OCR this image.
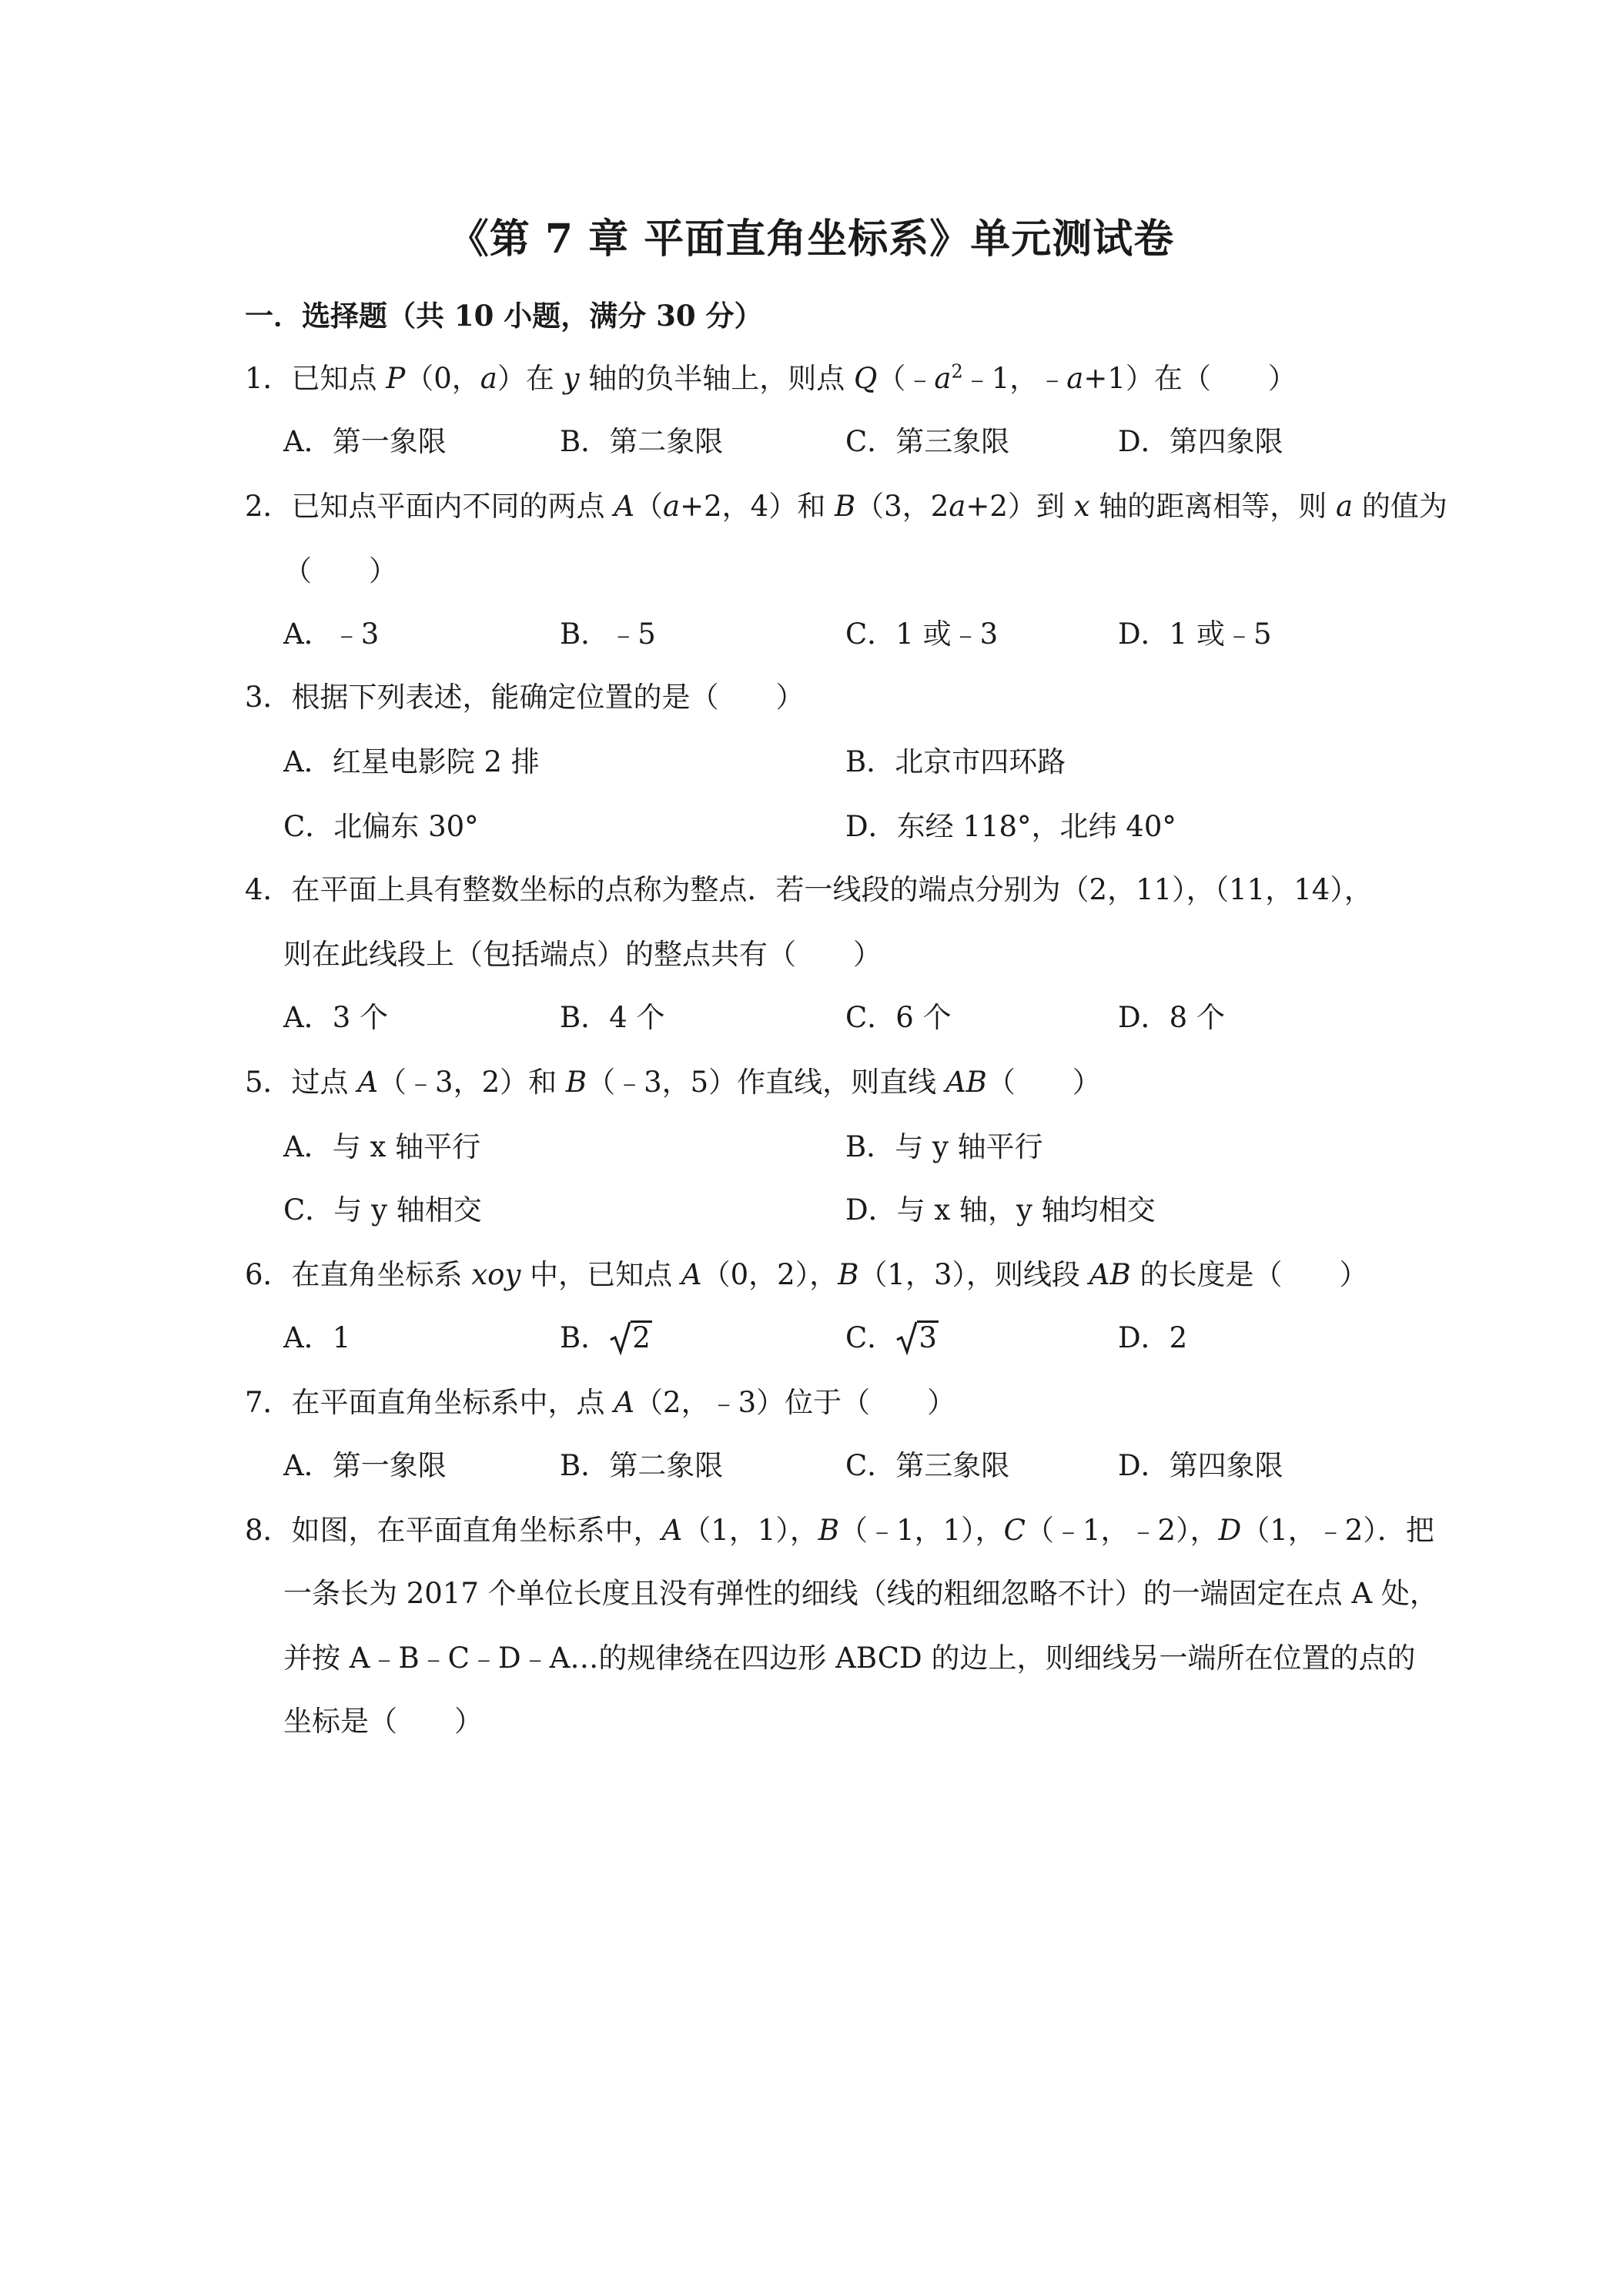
《第 7 章 平面直角坐标系》单元测试卷
一．选择题（共 10 小题，满分 30 分）
1．已知点 P（0，a）在 y 轴的负半轴上，则点 $Q(﹣a^2﹣1$，﹣a+1）在（　　）
A．第一象限	B．第二象限	C．第三象限	D．第四象限
2．已知点平面内不同的两点 A（a+2，4）和 B（3，2a+2）到 x 轴的距离相等，则 a 的值为
（　　）
A．﹣3	B．﹣5	C．1 或﹣3	D．1 或﹣5
3．根据下列表述，能确定位置的是（　　）
A．红星电影院 2 排	B．北京市四环路
C．北偏东 30°	D．东经 118°，北纬 40°
4．在平面上具有整数坐标的点称为整点．若一线段的端点分别为（2，11），（11，14），
则在此线段上（包括端点）的整点共有（　　）
A．3 个	B．4 个	C．6 个	D．8 个
5．过点 A（﹣3，2）和 B（﹣3，5）作直线，则直线 AB（　　）
A．与 x 轴平行	B．与 y 轴平行
C．与 y 轴相交	D．与 x 轴，y 轴均相交
6．在直角坐标系 xoy 中，已知点 A（0，2），B（1，3），则线段 AB 的长度是（　　）
A．1	B． 2	C． 3	D．2
7．在平面直角坐标系中，点 A（2，﹣3）位于（　　）
A．第一象限	B．第二象限	C．第三象限	D．第四象限
8．如图，在平面直角坐标系中，A（1，1），B（﹣1，1），C（﹣1，﹣2），D（1，﹣2）．把
一条长为 2017 个单位长度且没有弹性的细线（线的粗细忽略不计）的一端固定在点 A 处，
并按 A﹣B﹣C﹣D﹣A…的规律绕在四边形 ABCD 的边上，则细线另一端所在位置的点的
坐标是（　　）
